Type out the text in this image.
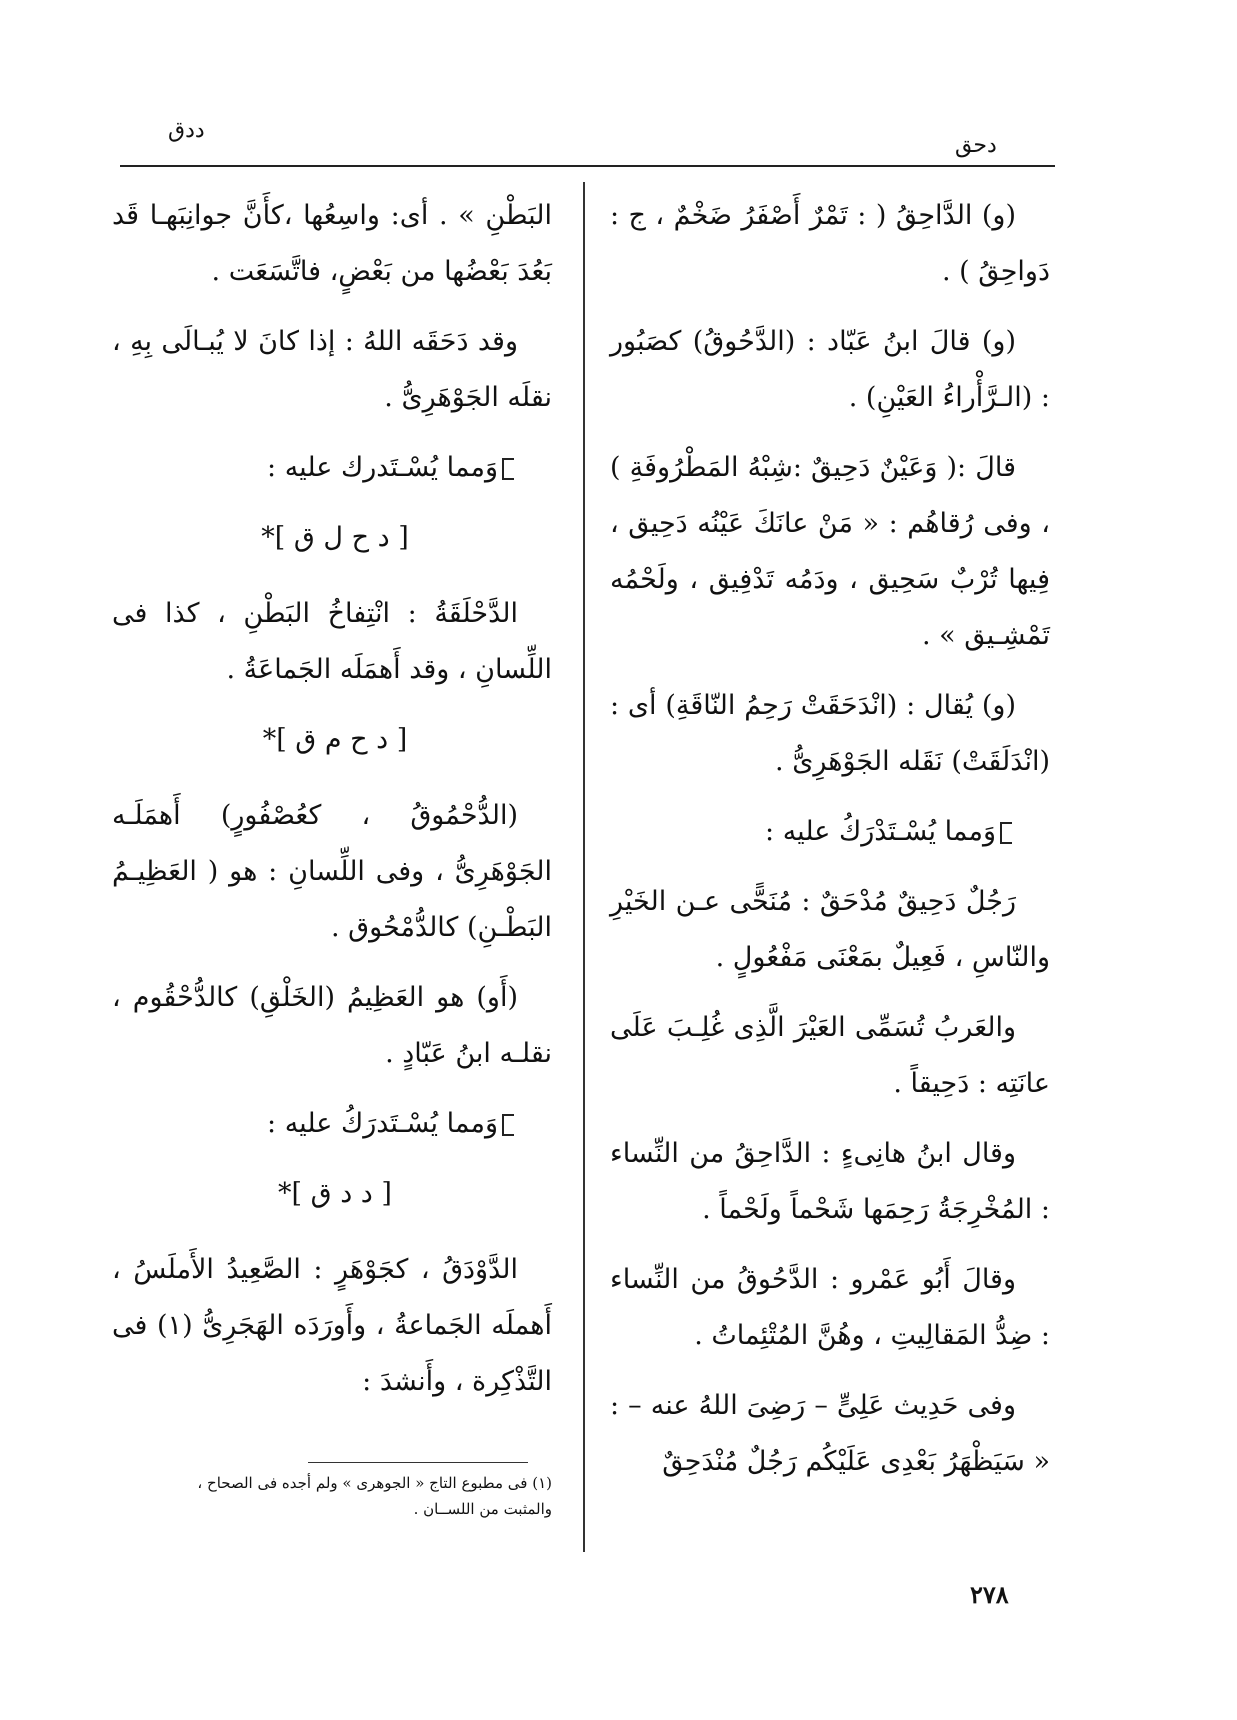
ددق
دحق

(و) الدَّاحِقُ ( : تَمْرٌ أَصْفَرُ ضَخْمٌ ، ج : دَواحِقُ ) .

(و) قالَ ابنُ عَبّاد : (الدَّحُوقُ) كصَبُور : (الـرَّأْراءُ العَيْنِ) .

قالَ :( وَعَيْنٌ دَحِيقٌ :شِبْهُ المَطْرُوفَةِ ) ، وفى رُقاهُم : « مَنْ عانَكَ عَيْنُه دَحِيق ، فِيها تُرْبٌ سَحِيق ، ودَمُه تَدْفِيق ، ولَحْمُه تَمْشِـيق » .

(و) يُقال : (انْدَحَقَتْ رَحِمُ النّاقَةِ) أى : (انْدَلَقَتْ) نَقَله الجَوْهَرِىُّ .

وَمما يُسْـتَدْرَكُ عليه :

رَجُلٌ دَحِيقٌ مُدْحَقٌ : مُنَحًّى عـن الخَيْرِ والنّاسِ ، فَعِيلٌ بمَعْنَى مَفْعُولٍ .

والعَربُ تُسَمِّى العَيْرَ الَّذِى غُلِـبَ عَلَى عانَتِه : دَحِيقاً .

وقال ابنُ هانِىءٍ : الدَّاحِقُ من النِّساء : المُخْرِجَةُ رَحِمَها شَحْماً ولَحْماً .

وقالَ أَبُو عَمْرو : الدَّحُوقُ من النِّساء : ضِدُّ المَقالِيتِ ، وهُنَّ المُتْئِماتُ .

وفى حَدِيث عَلِىٍّ – رَضِىَ اللهُ عنه – : « سَيَظْهَرُ بَعْدِى عَلَيْكُم رَجُلٌ مُنْدَحِقٌ

البَطْنِ » . أى: واسِعُها ،كأَنَّ جوانِبَهـا قَد بَعُدَ بَعْضُها من بَعْضٍ، فاتَّسَعَت .

وقد دَحَقَه اللهُ : إذا كانَ لا يُبـالَى بِهِ ، نقلَه الجَوْهَرِىُّ .

وَمما يُسْـتَدرك عليه :

[ د ح ل ق ]*

الدَّحْلَقَةُ : انْتِفاخُ البَطْنِ ، كذا فى اللِّسانِ ، وقد أَهمَلَه الجَماعَةُ .

[ د ح م ق ]*

(الدُّحْمُوقُ ، كعُصْفُورٍ) أَهمَلَـه الجَوْهَرِىُّ ، وفى اللِّسانِ : هو ( العَظِيـمُ البَطْـنِ) كالدُّمْحُوق .

(أَو) هو العَظِيمُ (الخَلْقِ) كالدُّحْقُوم ، نقلـه ابنُ عَبّادٍ .

وَمما يُسْـتَدرَكُ عليه :

[ د د ق ]*

الدَّوْدَقُ ، كجَوْهَرٍ : الصَّعِيدُ الأَملَسُ ، أَهملَه الجَماعةُ ، وأَورَدَه الهَجَرِىُّ (١) فى التَّذْكِرة ، وأَنشدَ :

(١) فى مطبوع التاج « الجوهرى » ولم أجده فى الصحاح ،
والمثبت من اللســان .
٢٧٨
